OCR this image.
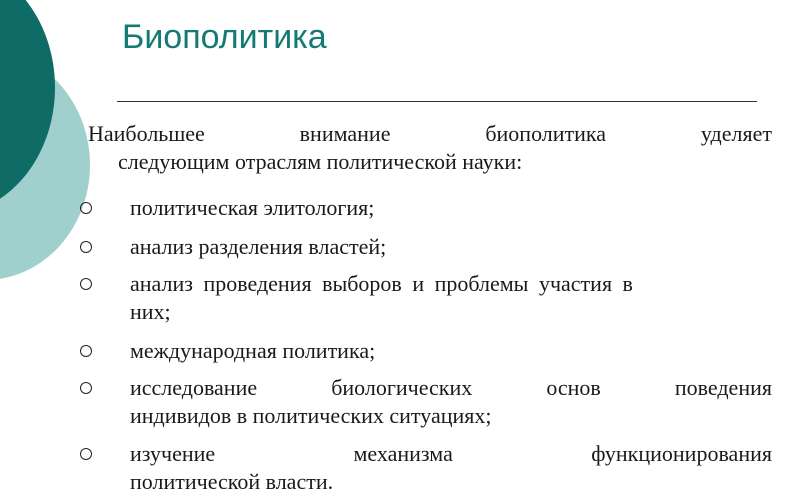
Биополитика
Наибольшее	внимание	биополитика	уделяет
следующим отраслям политической науки:
политическая элитология;
анализ разделения властей;
анализ проведения выборов и проблемы участия в
них;
международная политика;
исследование	биологических	основ	поведения
индивидов в политических ситуациях;
изучение	механизма	функционирования
политической власти.
